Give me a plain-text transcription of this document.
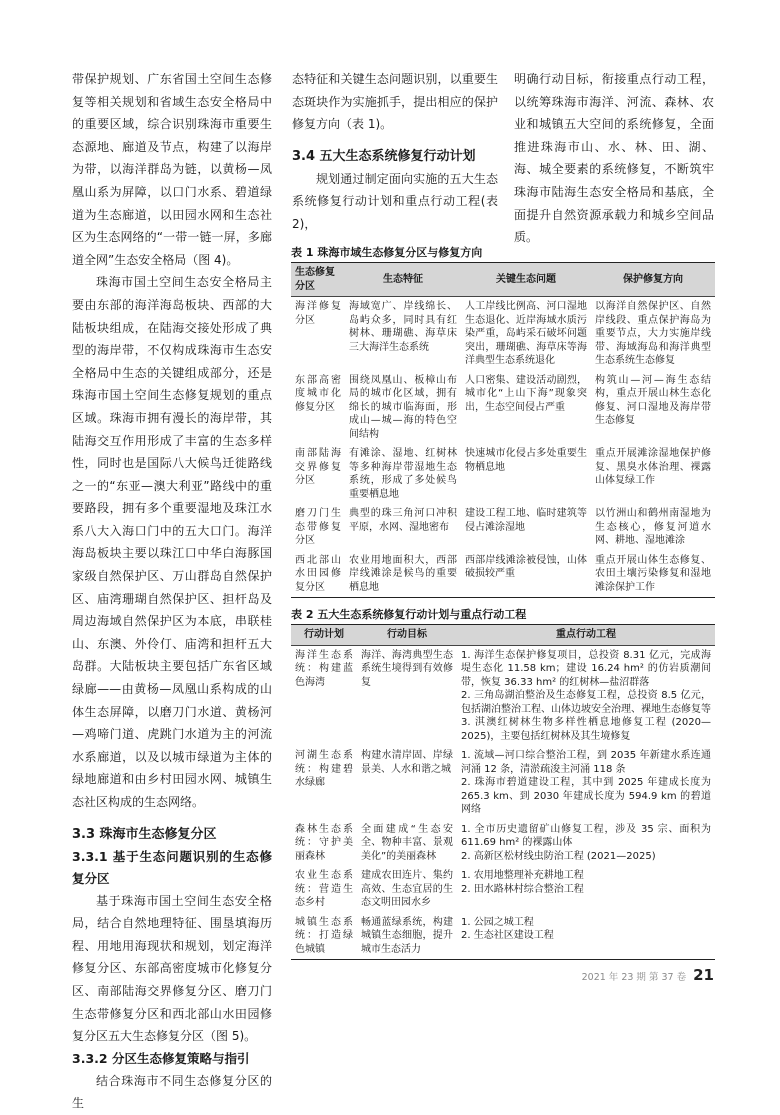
带保护规划、广东省国土空间生态修复等相关规划和省域生态安全格局中的重要区域，综合识别珠海市重要生态源地、廊道及节点，构建了以海岸为带，以海洋群岛为链，以黄杨—凤凰山系为屏障，以口门水系、碧道绿道为生态廊道，以田园水网和生态社区为生态网络的“一带一链一屏，多廊道全网”生态安全格局（图 4)。

珠海市国土空间生态安全格局主要由东部的海洋海岛板块、西部的大陆板块组成，在陆海交接处形成了典型的海岸带，不仅构成珠海市生态安全格局中生态的关键组成部分，还是珠海市国土空间生态修复规划的重点区域。珠海市拥有漫长的海岸带，其陆海交互作用形成了丰富的生态多样性，同时也是国际八大候鸟迁徙路线之一的“东亚—澳大利亚”路线中的重要路段，拥有多个重要湿地及珠江水系八大入海口门中的五大口门。海洋海岛板块主要以珠江口中华白海豚国家级自然保护区、万山群岛自然保护区、庙湾珊瑚自然保护区、担杆岛及周边海域自然保护区为本底，串联桂山、东澳、外伶仃、庙湾和担杆五大岛群。大陆板块主要包括广东省区域绿廊——由黄杨—凤凰山系构成的山体生态屏障，以磨刀门水道、黄杨河—鸡啼门道、虎跳门水道为主的河流水系廊道，以及以城市绿道为主体的绿地廊道和由乡村田园水网、城镇生态社区构成的生态网络。

3.3 珠海市生态修复分区
3.3.1 基于生态问题识别的生态修复分区

基于珠海市国土空间生态安全格局，结合自然地理特征、围垦填海历程、用地用海现状和规划，划定海洋修复分区、东部高密度城市化修复分区、南部陆海交界修复分区、磨刀门生态带修复分区和西北部山水田园修复分区五大生态修复分区（图 5)。

3.3.2 分区生态修复策略与指引

结合珠海市不同生态修复分区的生

态特征和关键生态问题识别，以重要生态斑块作为实施抓手，提出相应的保护修复方向（表 1)。

3.4 五大生态系统修复行动计划

规划通过制定面向实施的五大生态系统修复行动计划和重点行动工程(表 2)，

明确行动目标，衔接重点行动工程，以统筹珠海市海洋、河流、森林、农业和城镇五大空间的系统修复，全面推进珠海市山、水、林、田、湖、海、城全要素的系统修复，不断筑牢珠海市陆海生态安全格局和基底，全面提升自然资源承载力和城乡空间品质。

表 1 珠海市域生态修复分区与修复方向
生态修复分区	生态特征	关键生态问题	保护修复方向
海洋修复分区	海域宽广、岸线绵长、岛屿众多，同时具有红树林、珊瑚礁、海草床三大海洋生态系统	人工岸线比例高、河口湿地生态退化、近岸海域水质污染严重，岛屿采石破坏问题突出，珊瑚礁、海草床等海洋典型生态系统退化	以海洋自然保护区、自然岸线段、重点保护海岛为重要节点，大力实施岸线带、海域海岛和海洋典型生态系统生态修复
东部高密度城市化修复分区	围绕凤凰山、板樟山布局的城市化区域，拥有绵长的城市临海面，形成山—城—海的特色空间结构	人口密集、建设活动剧烈，城市化“上山下海”现象突出，生态空间侵占严重	构筑山—河—海生态结构，重点开展山林生态化修复、河口湿地及海岸带生态修复
南部陆海交界修复分区	有滩涂、湿地、红树林等多种海岸带湿地生态系统，形成了多处候鸟重要栖息地	快速城市化侵占多处重要生物栖息地	重点开展滩涂湿地保护修复、黑臭水体治理、裸露山体复绿工作
磨刀门生态带修复分区	典型的珠三角河口冲积平原，水网、湿地密布	建设工程工地、临时建筑等侵占滩涂湿地	以竹洲山和鹤州南湿地为生态核心，修复河道水网、耕地、湿地滩涂
西北部山水田园修复分区	农业用地面积大，西部岸线滩涂是候鸟的重要栖息地	西部岸线滩涂被侵蚀，山体破损较严重	重点开展山体生态修复、农田土壤污染修复和湿地滩涂保护工作
表 2 五大生态系统修复行动计划与重点行动工程
行动计划	行动目标	重点行动工程
海洋生态系统：构建蓝色海湾	海洋、海湾典型生态系统生境得到有效修复	1. 海洋生态保护修复项目，总投资 8.31 亿元，完成海堤生态化 11.58 km；建设 16.24 hm² 的仿岩质潮间带，恢复 36.33 hm² 的红树林—盐沼群落
2. 三角岛湖泊整治及生态修复工程，总投资 8.5 亿元，包括湖泊整治工程、山体边坡安全治理、裸地生态修复等
3. 淇澳红树林生物多样性栖息地修复工程 (2020—2025)，主要包括红树林及其生境修复
河湖生态系统：构建碧水绿廊	构建水清岸固、岸绿景美、人水和谐之城	1. 流域—河口综合整治工程，到 2035 年新建水系连通河涌 12 条，清淤疏浚主河涌 118 条
2. 珠海市碧道建设工程，其中到 2025 年建成长度为 265.3 km、到 2030 年建成长度为 594.9 km 的碧道网络
森林生态系统：守护美丽森林	全面建成“生态安全、物种丰富、景观美化”的美丽森林	1. 全市历史遗留矿山修复工程，涉及 35 宗、面积为 611.69 hm² 的裸露山体
2. 高新区松材线虫防治工程 (2021—2025)
农业生态系统：营造生态乡村	建成农田连片、集约高效、生态宜居的生态文明田园水乡	1. 农用地整理补充耕地工程
2. 田水路林村综合整治工程
城镇生态系统：打造绿色城镇	畅通蓝绿系统，构建城镇生态细胞，提升城市生态活力	1. 公园之城工程
2. 生态社区建设工程
2021 年 23 期 第 37 卷 21
